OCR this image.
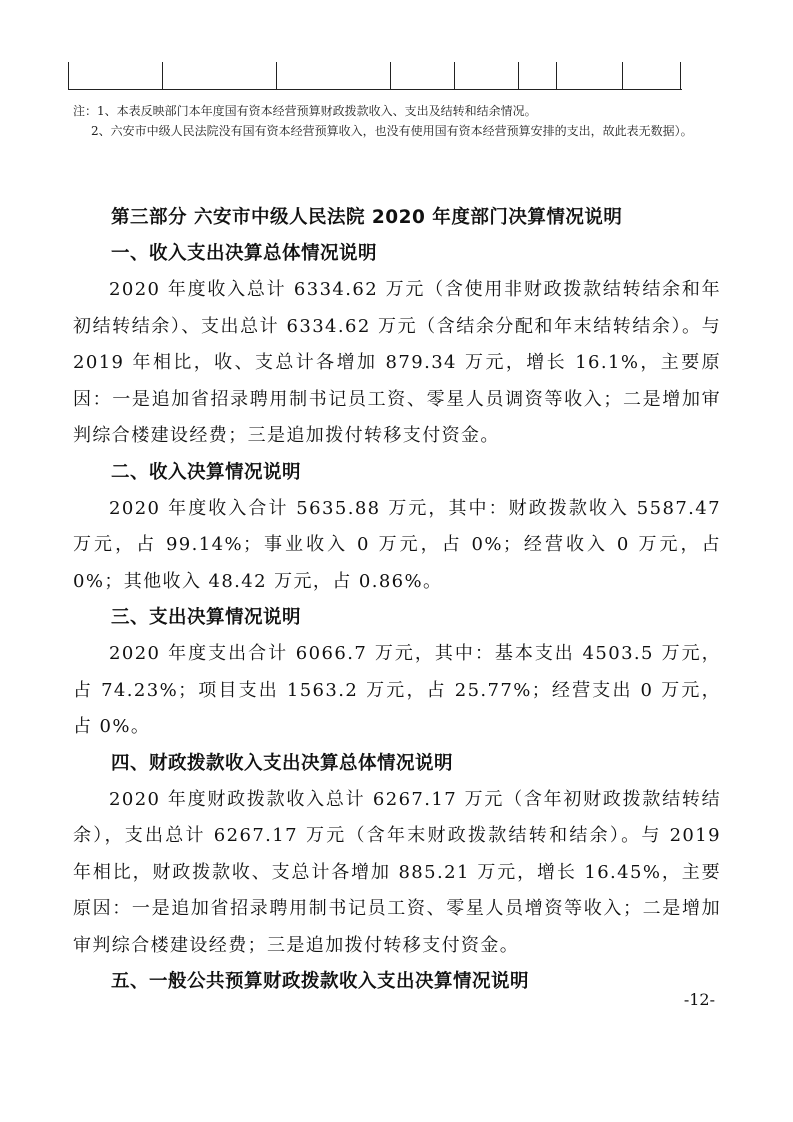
注：1、本表反映部门本年度国有资本经营预算财政拨款收入、支出及结转和结余情况。
2、六安市中级人民法院没有国有资本经营预算收入，也没有使用国有资本经营预算安排的支出，故此表无数据）。
第三部分 六安市中级人民法院 2020 年度部门决算情况说明
一、收入支出决算总体情况说明

2020 年度收入总计 6334.62 万元（含使用非财政拨款结转结余和年初结转结余）、支出总计 6334.62 万元（含结余分配和年末结转结余）。与 2019 年相比，收、支总计各增加 879.34 万元，增长 16.1%，主要原因：一是追加省招录聘用制书记员工资、零星人员调资等收入；二是增加审判综合楼建设经费；三是追加拨付转移支付资金。

二、收入决算情况说明

2020 年度收入合计 5635.88 万元，其中：财政拨款收入 5587.47 万元，占 99.14%；事业收入 0 万元，占 0%；经营收入 0 万元，占 0%；其他收入 48.42 万元，占 0.86%。

三、支出决算情况说明

2020 年度支出合计 6066.7 万元，其中：基本支出 4503.5 万元，占 74.23%；项目支出 1563.2 万元，占 25.77%；经营支出 0 万元，占 0%。

四、财政拨款收入支出决算总体情况说明

2020 年度财政拨款收入总计 6267.17 万元（含年初财政拨款结转结余），支出总计 6267.17 万元（含年末财政拨款结转和结余）。与 2019 年相比，财政拨款收、支总计各增加 885.21 万元，增长 16.45%，主要原因：一是追加省招录聘用制书记员工资、零星人员增资等收入；二是增加审判综合楼建设经费；三是追加拨付转移支付资金。

五、一般公共预算财政拨款收入支出决算情况说明
-12-
